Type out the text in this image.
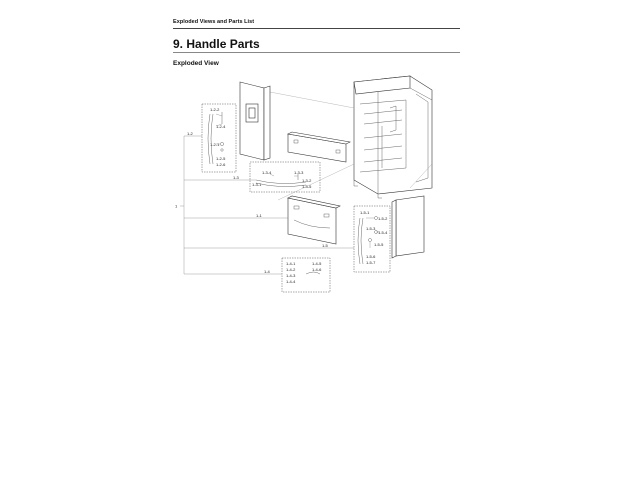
Exploded Views and Parts List
9. Handle Parts
Exploded View
1
1-2
1-2-2
1-2-4
1-2-1
1-2-5
1-2-6
1-3
1-3-4	1-3-3
1-3-1
1-3-2
1-3-5
1-1
1-5
1-4
1-4-1
1-4-2
1-4-3
1-4-4
1-4-5
1-4-6
1-5-1
1-5-2
1-5-3
1-5-4
1-5-5
1-5-6
1-5-7
